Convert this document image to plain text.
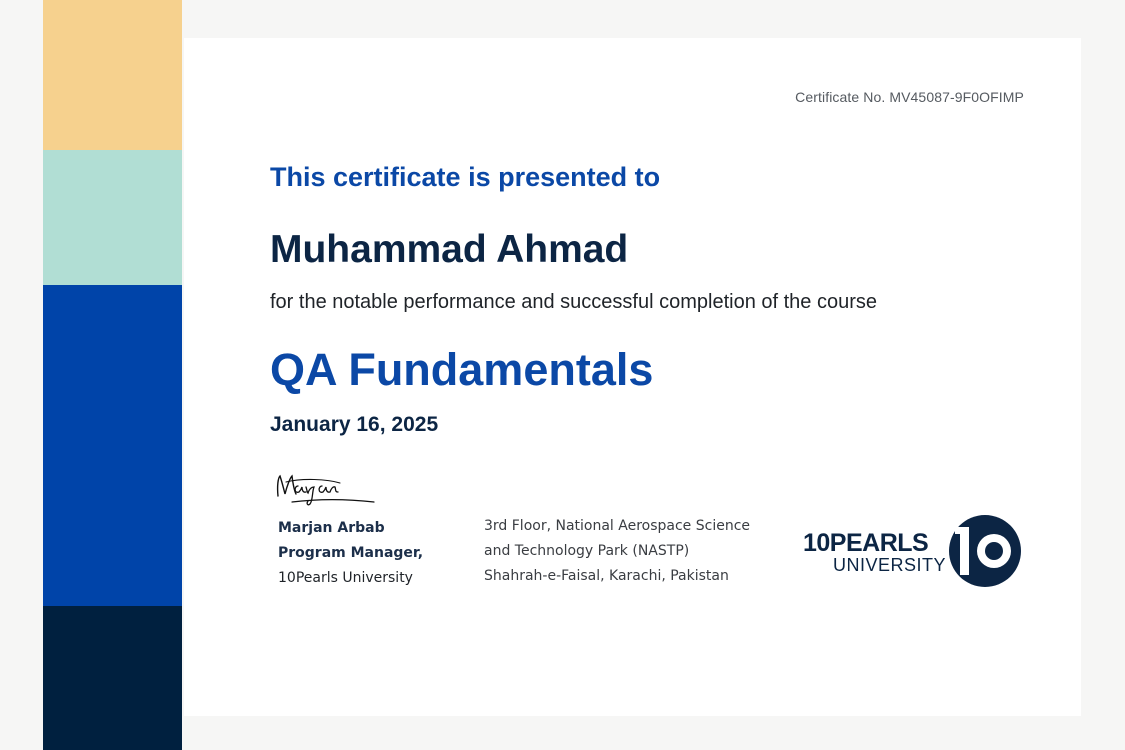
Certificate No. MV45087-9F0OFIMP
This certificate is presented to
Muhammad Ahmad
for the notable performance and successful completion of the course
QA Fundamentals
January 16, 2025
Marjan Arbab
Program Manager,
10Pearls University
3rd Floor, National Aerospace Science
and Technology Park (NASTP)
Shahrah-e-Faisal, Karachi, Pakistan
10PEARLS
UNIVERSITY
